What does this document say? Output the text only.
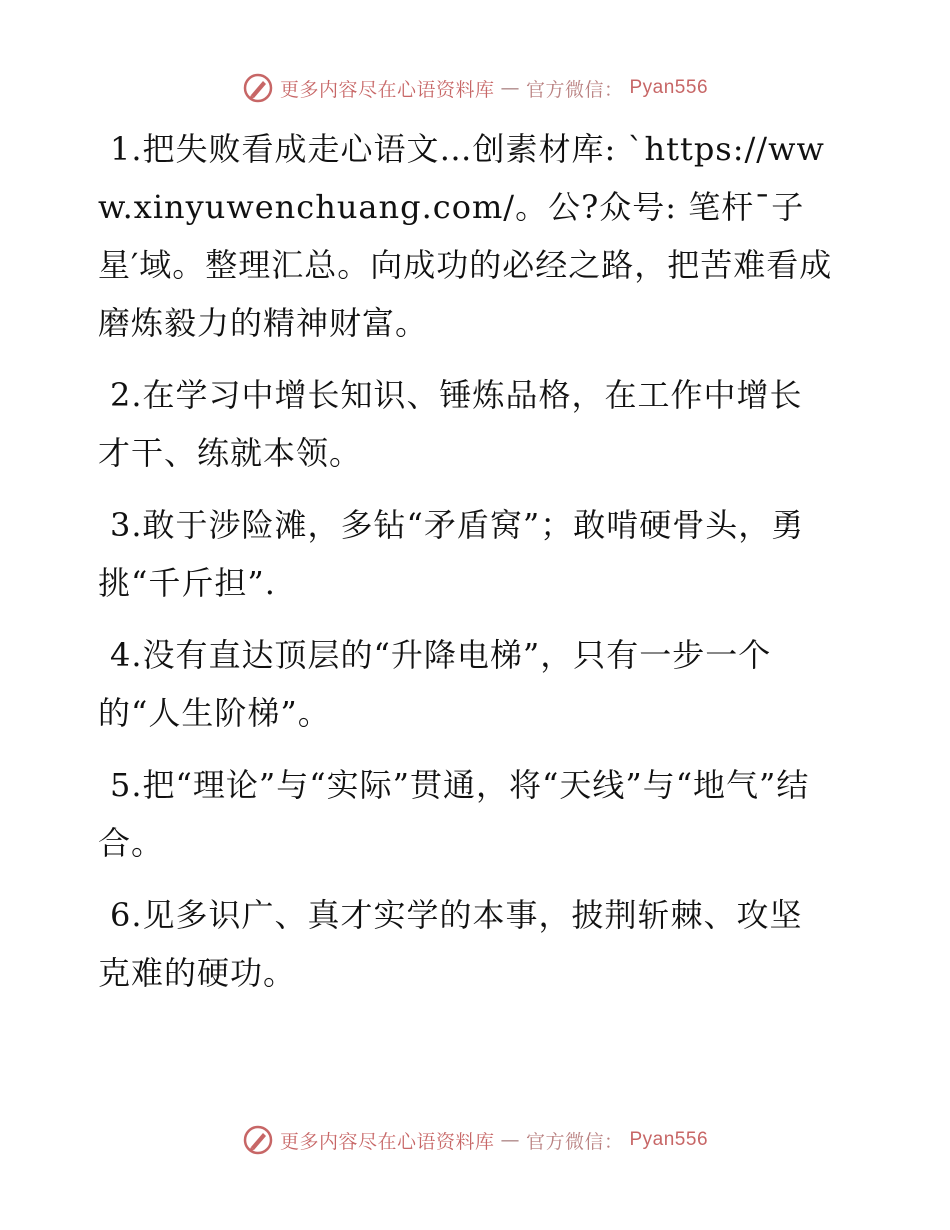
更多内容尽在心语资料库 — 官方微信： Pyan556

1.把失败看成走心语文…创素材库: `https://www.xinyuwenchuang.com/。公?众号: 笔杆¯子星′域。整理汇总。向成功的必经之路，把苦难看成磨炼毅力的精神财富。

2.在学习中增长知识、锤炼品格，在工作中增长才干、练就本领。

3.敢于涉险滩，多钻“矛盾窝”；敢啃硬骨头，勇挑“千斤担”.

4.没有直达顶层的“升降电梯”，只有一步一个的“人生阶梯”。

5.把“理论”与“实际”贯通，将“天线”与“地气”结合。

6.见多识广、真才实学的本事，披荆斩棘、攻坚克难的硬功。

更多内容尽在心语资料库 — 官方微信： Pyan556
